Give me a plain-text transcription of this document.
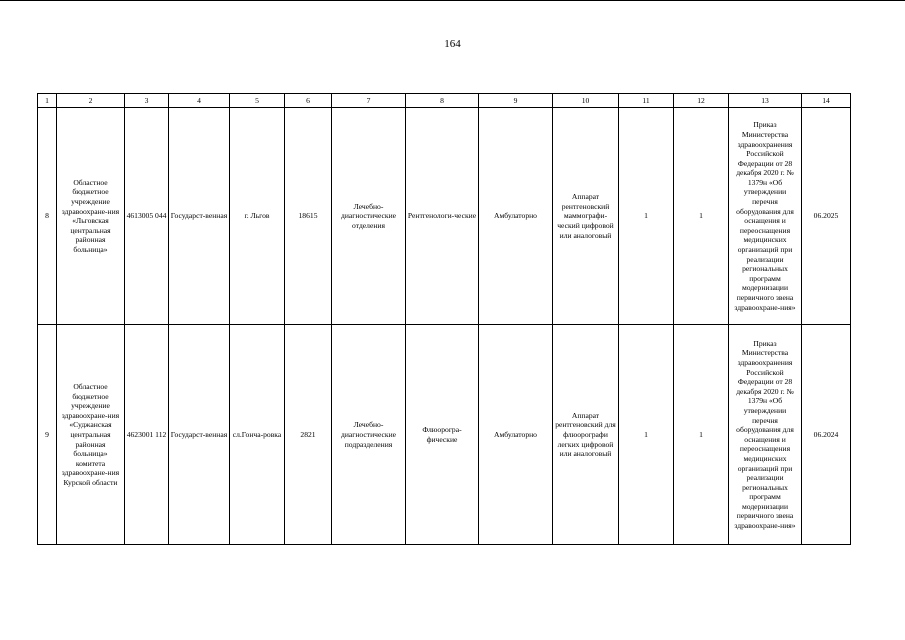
164
1	2	3	4	5	6	7	8	9	10	11	12	13	14
8	Областное бюджетное учреждение здравоохране-ния «Льговская центральная районная больница»	4613005 044	Государст-венная	г. Льгов	18615	Лечебно-диагностические отделения	Рентгенологи-ческие	Амбулаторно	Аппарат рентгеновский маммографи-ческий цифровой или аналоговый	1	1	Приказ Министерства здравоохранения Российской Федерации от 28 декабря 2020 г. № 1379н «Об утверждении перечня оборудования для оснащения и переоснащения медицинских организаций при реализации региональных программ модернизации первичного звена здравоохране-ния»	06.2025
9	Областное бюджетное учреждение здравоохране-ния «Суджанская центральная районная больница» комитета здравоохране-ния Курской области	4623001 112	Государст-венная	сл.Гонча-ровка	2821	Лечебно-диагностические подразделения	Флюорогра-фические	Амбулаторно	Аппарат рентгеновский для флюорографи легких цифровой или аналоговый	1	1	Приказ Министерства здравоохранения Российской Федерации от 28 декабря 2020 г. № 1379н «Об утверждении перечня оборудования для оснащения и переоснащения медицинских организаций при реализации региональных программ модернизации первичного звена здравоохране-ния»	06.2024
